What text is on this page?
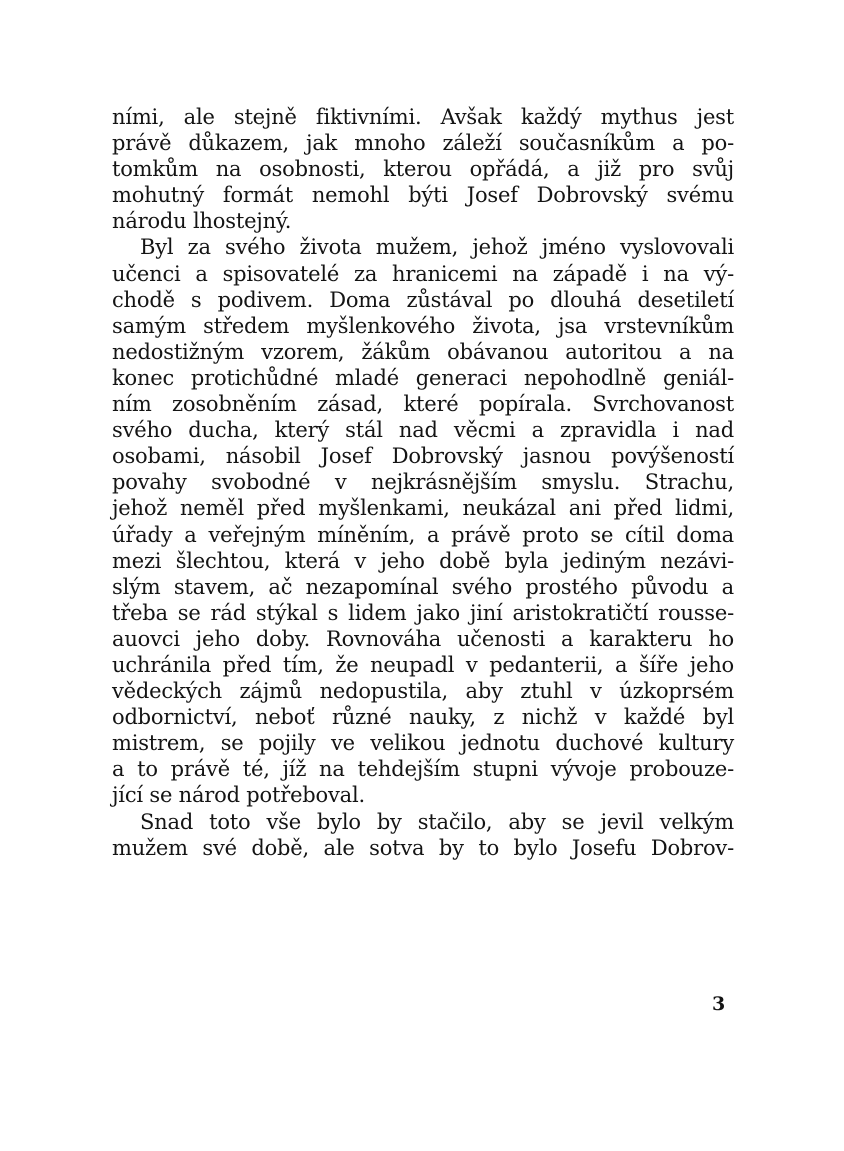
ními, ale stejně fiktivními. Avšak každý mythus jest
právě důkazem, jak mnoho záleží současníkům a po-
tomkům na osobnosti, kterou opřádá, a již pro svůj
mohutný formát nemohl býti Josef Dobrovský svému
národu lhostejný.
Byl za svého života mužem, jehož jméno vyslovovali
učenci a spisovatelé za hranicemi na západě i na vý-
chodě s podivem. Doma zůstával po dlouhá desetiletí
samým středem myšlenkového života, jsa vrstevníkům
nedostižným vzorem, žákům obávanou autoritou a na
konec protichůdné mladé generaci nepohodlně geniál-
ním zosobněním zásad, které popírala. Svrchovanost
svého ducha, který stál nad věcmi a zpravidla i nad
osobami, násobil Josef Dobrovský jasnou povýšeností
povahy svobodné v nejkrásnějším smyslu. Strachu,
jehož neměl před myšlenkami, neukázal ani před lidmi,
úřady a veřejným míněním, a právě proto se cítil doma
mezi šlechtou, která v jeho době byla jediným nezávi-
slým stavem, ač nezapomínal svého prostého původu a
třeba se rád stýkal s lidem jako jiní aristokratičtí rousse-
auovci jeho doby. Rovnováha učenosti a karakteru ho
uchránila před tím, že neupadl v pedanterii, a šíře jeho
vědeckých zájmů nedopustila, aby ztuhl v úzkoprsém
odbornictví, neboť různé nauky, z nichž v každé byl
mistrem, se pojily ve velikou jednotu duchové kultury
a to právě té, jíž na tehdejším stupni vývoje probouze-
jící se národ potřeboval.
Snad toto vše bylo by stačilo, aby se jevil velkým
mužem své době, ale sotva by to bylo Josefu Dobrov-
3
